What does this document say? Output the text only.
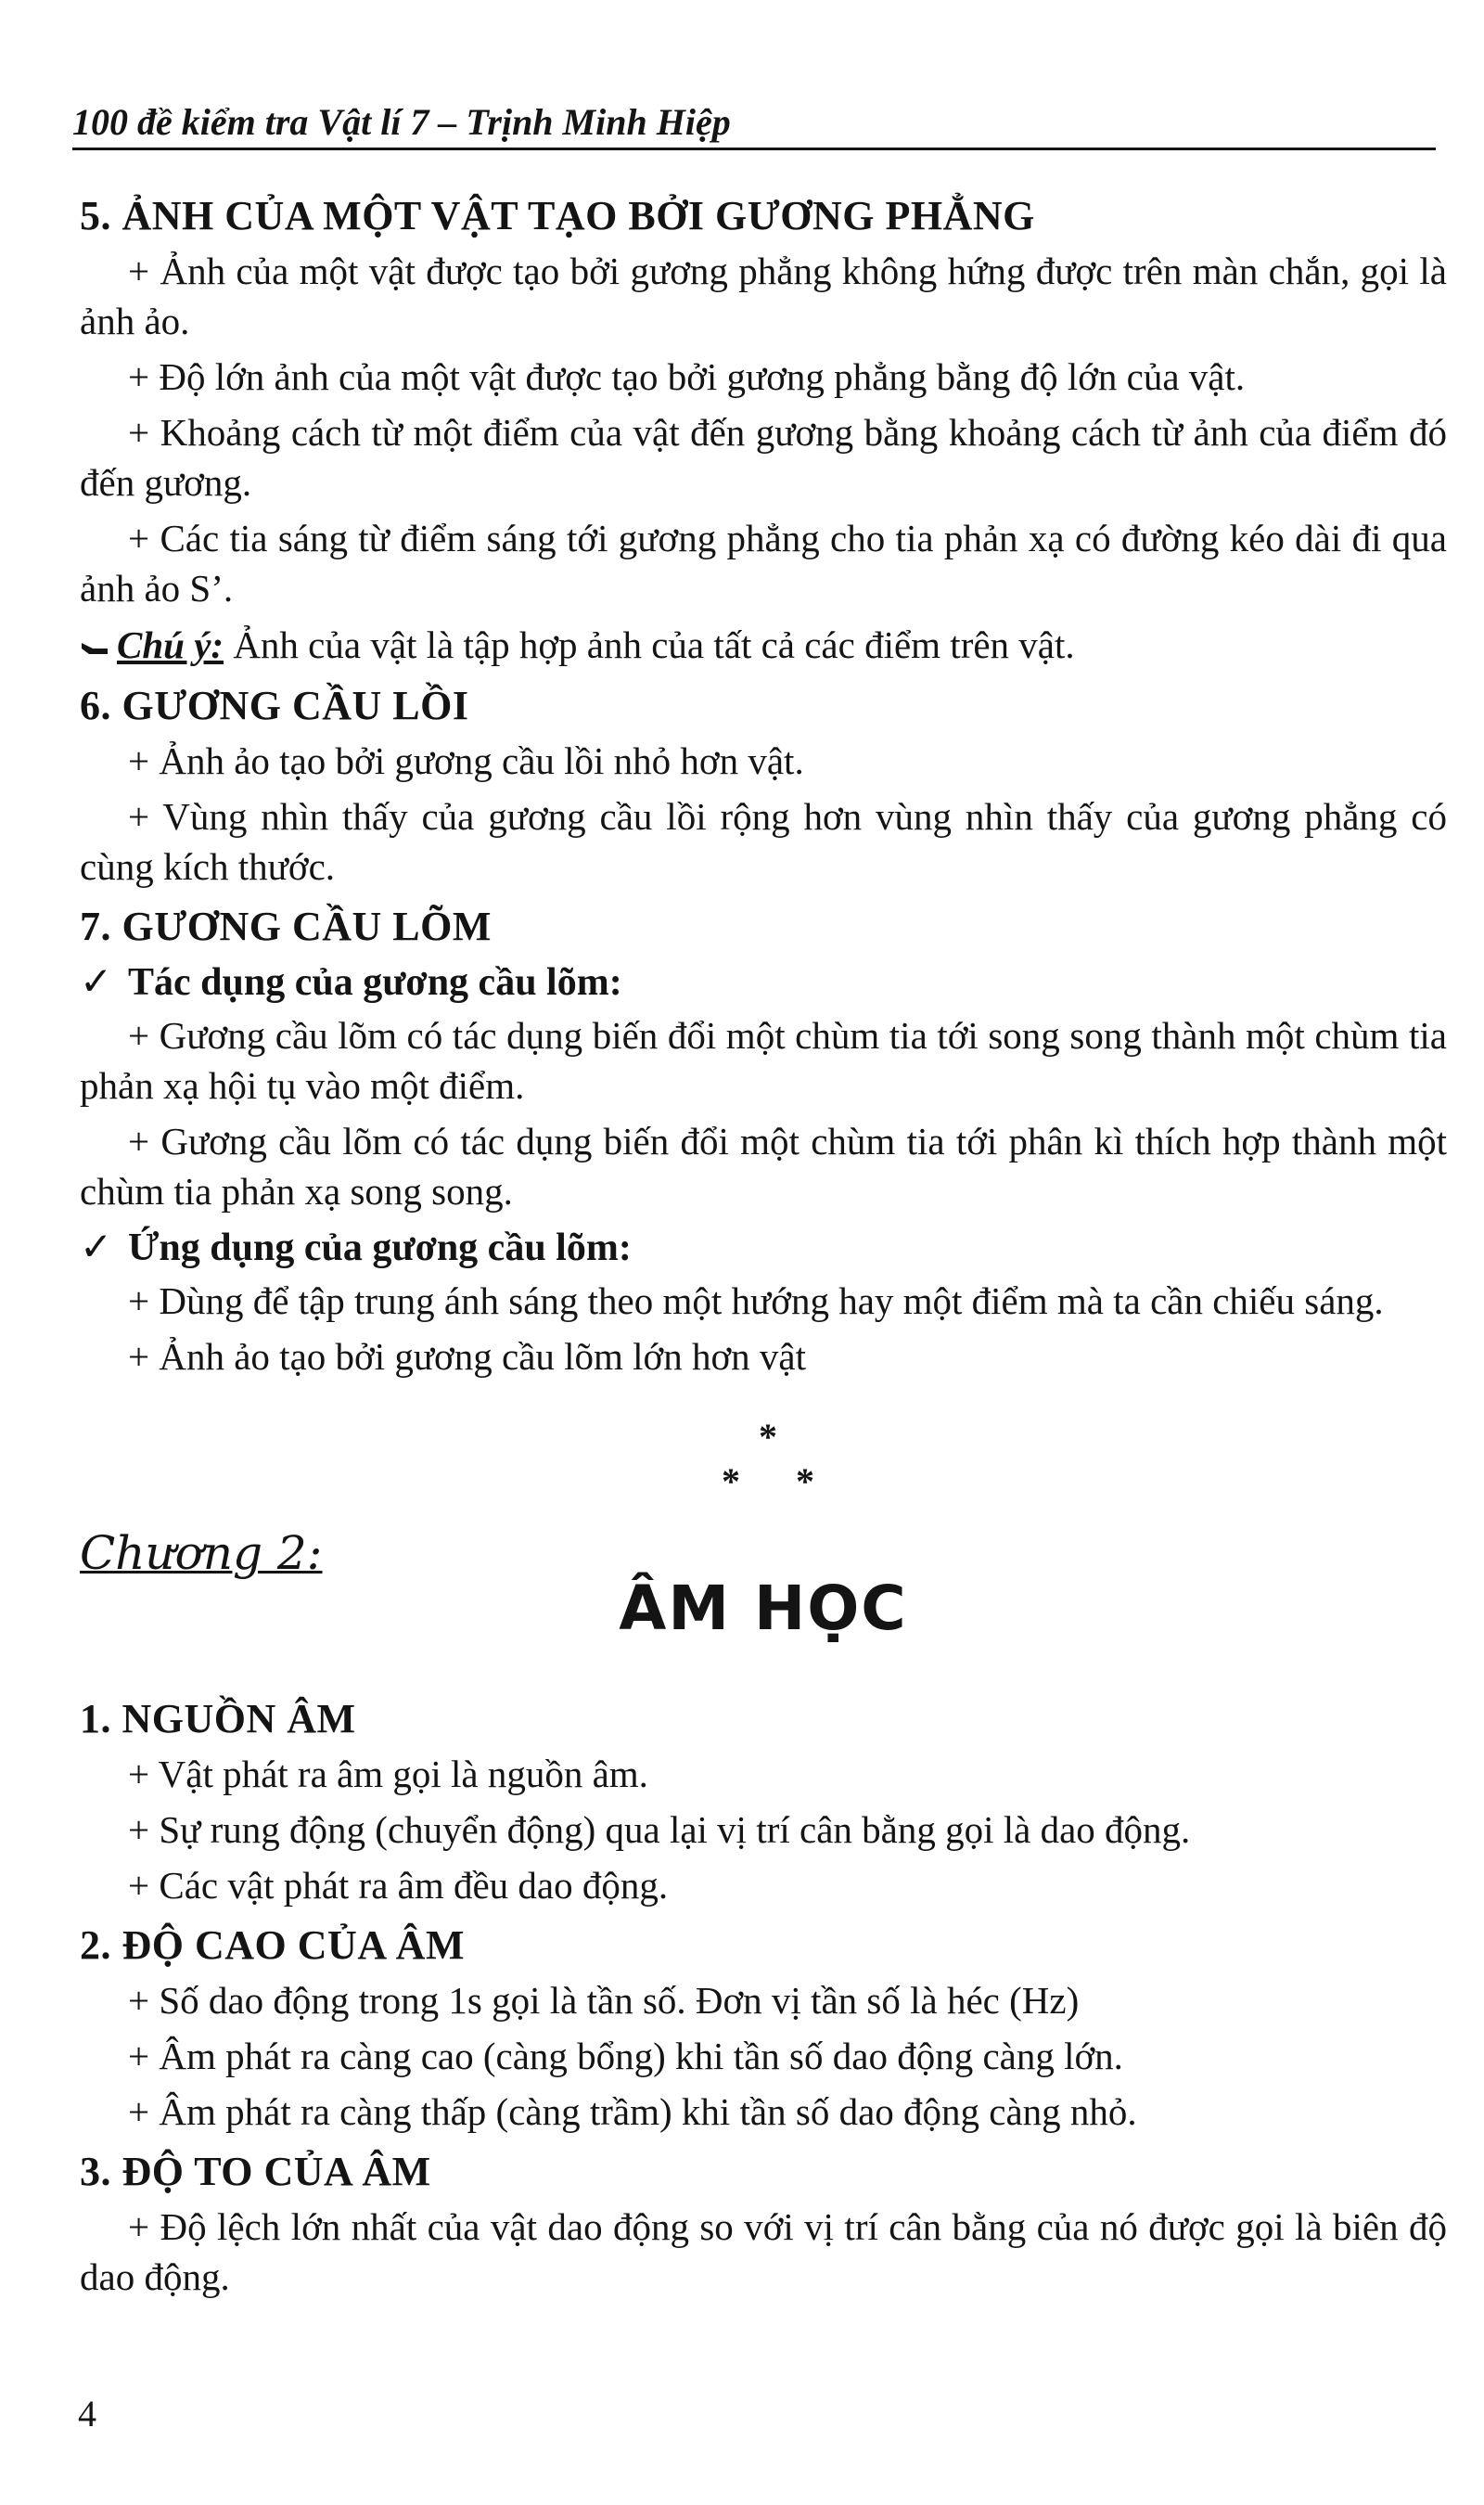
100 đề kiểm tra Vật lí 7 – Trịnh Minh Hiệp
5. ẢNH CỦA MỘT VẬT TẠO BỞI GƯƠNG PHẲNG
+ Ảnh của một vật được tạo bởi gương phẳng không hứng được trên màn chắn, gọi là ảnh ảo.
+ Độ lớn ảnh của một vật được tạo bởi gương phẳng bằng độ lớn của vật.
+ Khoảng cách từ một điểm của vật đến gương bằng khoảng cách từ ảnh của điểm đó đến gương.
+ Các tia sáng từ điểm sáng tới gương phẳng cho tia phản xạ có đường kéo dài đi qua ảnh ảo S’.
Chú ý: Ảnh của vật là tập hợp ảnh của tất cả các điểm trên vật.
6. GƯƠNG CẦU LỒI
+ Ảnh ảo tạo bởi gương cầu lồi nhỏ hơn vật.
+ Vùng nhìn thấy của gương cầu lồi rộng hơn vùng nhìn thấy của gương phẳng có cùng kích thước.
7. GƯƠNG CẦU LÕM
✓ Tác dụng của gương cầu lõm:
+ Gương cầu lõm có tác dụng biến đổi một chùm tia tới song song thành một chùm tia phản xạ hội tụ vào một điểm.
+ Gương cầu lõm có tác dụng biến đổi một chùm tia tới phân kì thích hợp thành một chùm tia phản xạ song song.
✓ Ứng dụng của gương cầu lõm:
+ Dùng để tập trung ánh sáng theo một hướng hay một điểm mà ta cần chiếu sáng.
+ Ảnh ảo tạo bởi gương cầu lõm lớn hơn vật
*
* *
Chương 2:
ÂM HỌC
1. NGUỒN ÂM
+ Vật phát ra âm gọi là nguồn âm.
+ Sự rung động (chuyển động) qua lại vị trí cân bằng gọi là dao động.
+ Các vật phát ra âm đều dao động.
2. ĐỘ CAO CỦA ÂM
+ Số dao động trong 1s gọi là tần số. Đơn vị tần số là héc (Hz)
+ Âm phát ra càng cao (càng bổng) khi tần số dao động càng lớn.
+ Âm phát ra càng thấp (càng trầm) khi tần số dao động càng nhỏ.
3. ĐỘ TO CỦA ÂM
+ Độ lệch lớn nhất của vật dao động so với vị trí cân bằng của nó được gọi là biên độ dao động.
4
